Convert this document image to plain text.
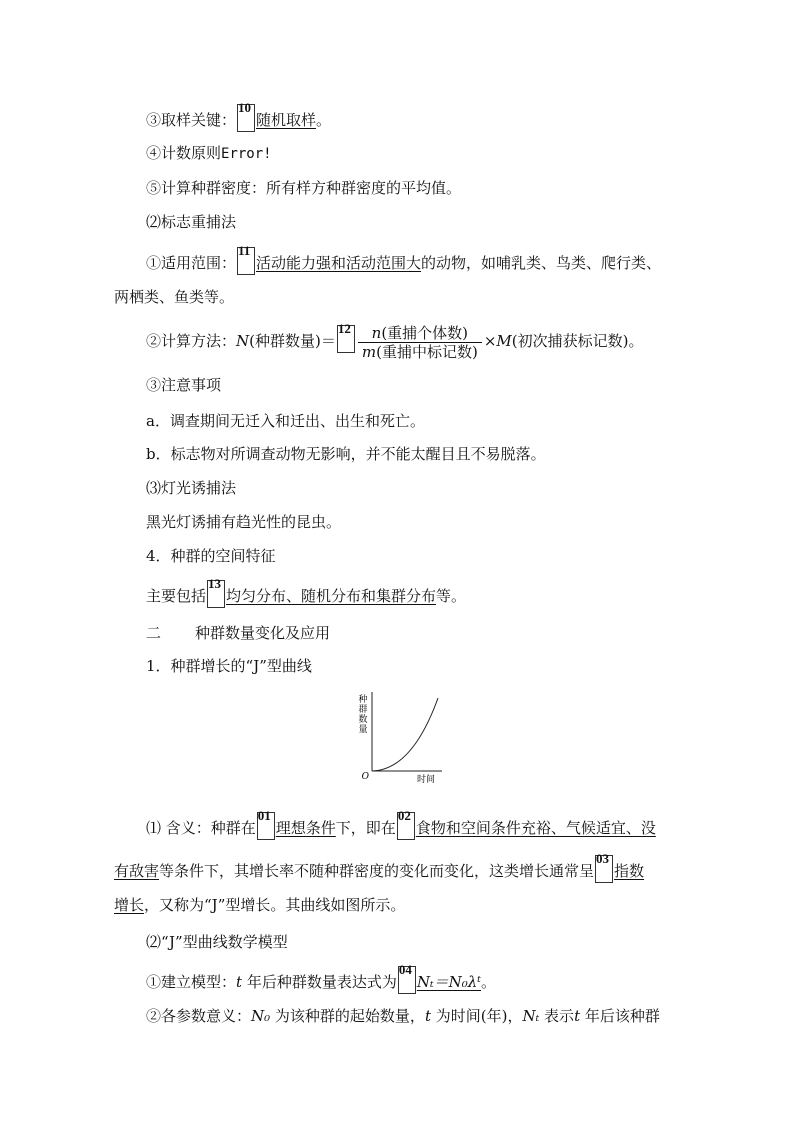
③取样关键：
10
随机取样。
④计数原则Error!
⑤计算种群密度：所有样方种群密度的平均值。
⑵标志重捕法
①适用范围：
11
活动能力强和活动范围大的动物，如哺乳类、鸟类、爬行类、
两栖类、鱼类等。
②计算方法：N(种群数量)＝
$12 \frac{\text{n(重捕个体数)}}{\text{m(重捕中标记数)}} \times M$(初次捕获标记数)。
③注意事项
a．调查期间无迁入和迁出、出生和死亡。
b．标志物对所调查动物无影响，并不能太醒目且不易脱落。
⑶灯光诱捕法
黑光灯诱捕有趋光性的昆虫。
4．种群的空间特征
主要包括
13
均匀分布、随机分布和集群分布等。
二 种群数量变化及应用
1．种群增长的“J”型曲线
种
群
数
量
O	时间
⑴ 含义：种群在
01
理想条件下，即在
02
食物和空间条件充裕、气候适宜、没
有敌害等条件下，其增长率不随种群密度的变化而变化，这类增长通常呈
03
指数
增长，又称为“J”型增长。其曲线如图所示。
⑵“J”型曲线数学模型
①建立模型：t 年后种群数量表达式为
04
Nₜ＝N₀λᵗ。
②各参数意义：N₀ 为该种群的起始数量，t 为时间(年)，Nₜ 表示t 年后该种群
